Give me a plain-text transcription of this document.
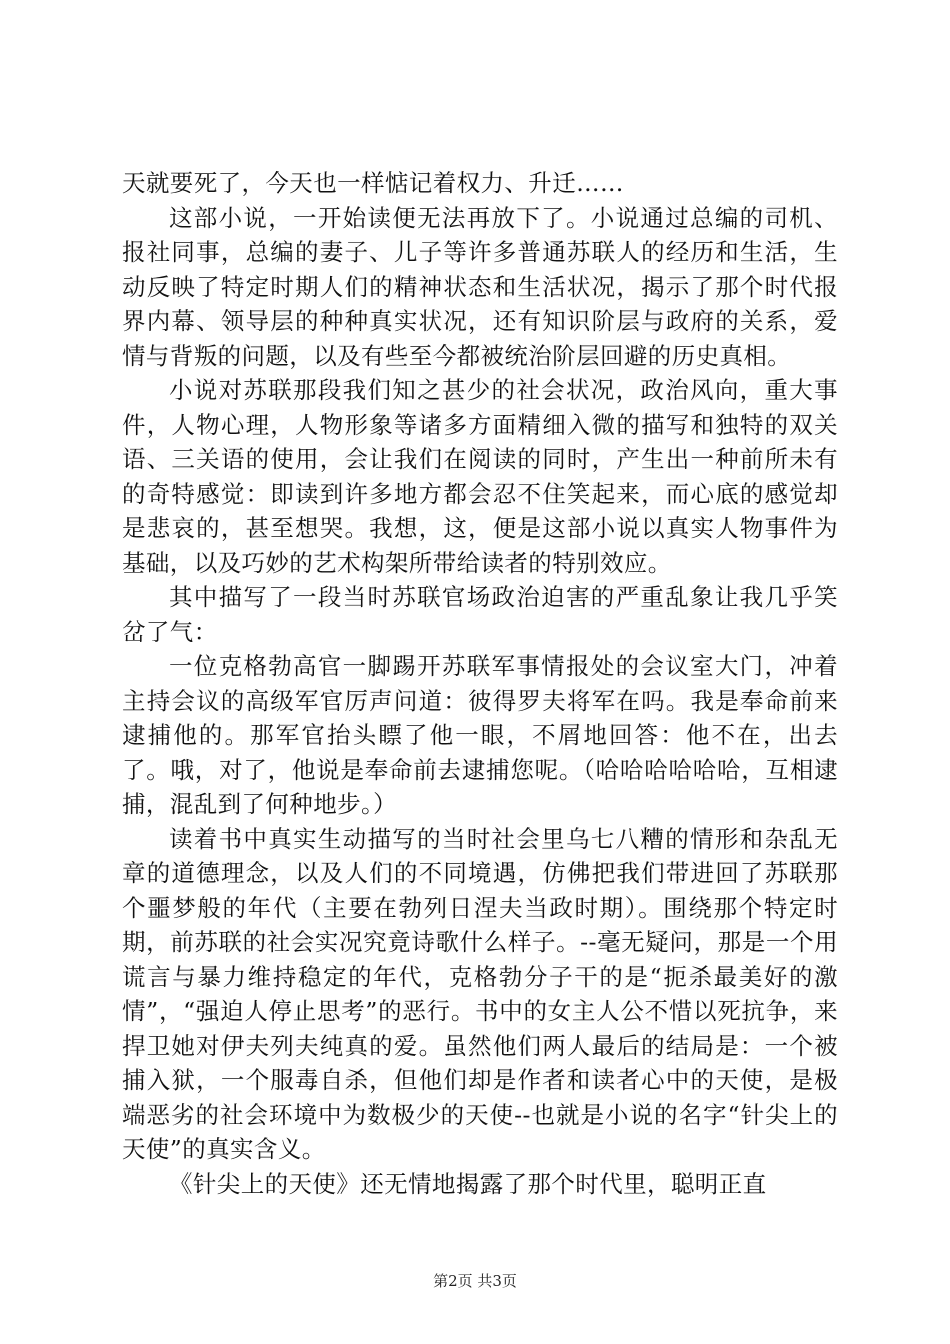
天就要死了，今天也一样惦记着权力、升迁……

这部小说，一开始读便无法再放下了。小说通过总编的司机、报社同事，总编的妻子、儿子等许多普通苏联人的经历和生活，生动反映了特定时期人们的精神状态和生活状况，揭示了那个时代报界内幕、领导层的种种真实状况，还有知识阶层与政府的关系，爱情与背叛的问题，以及有些至今都被统治阶层回避的历史真相。

小说对苏联那段我们知之甚少的社会状况，政治风向，重大事件，人物心理，人物形象等诸多方面精细入微的描写和独特的双关语、三关语的使用，会让我们在阅读的同时，产生出一种前所未有的奇特感觉：即读到许多地方都会忍不住笑起来，而心底的感觉却是悲哀的，甚至想哭。我想，这，便是这部小说以真实人物事件为基础，以及巧妙的艺术构架所带给读者的特别效应。

其中描写了一段当时苏联官场政治迫害的严重乱象让我几乎笑岔了气：

一位克格勃高官一脚踢开苏联军事情报处的会议室大门，冲着主持会议的高级军官厉声问道：彼得罗夫将军在吗。我是奉命前来逮捕他的。那军官抬头瞟了他一眼，不屑地回答：他不在，出去了。哦，对了，他说是奉命前去逮捕您呢。（哈哈哈哈哈哈，互相逮捕，混乱到了何种地步。）

读着书中真实生动描写的当时社会里乌七八糟的情形和杂乱无章的道德理念，以及人们的不同境遇，仿佛把我们带进回了苏联那个噩梦般的年代（主要在勃列日涅夫当政时期）。围绕那个特定时期，前苏联的社会实况究竟诗歌什么样子。--毫无疑问，那是一个用谎言与暴力维持稳定的年代，克格勃分子干的是“扼杀最美好的激情”，“强迫人停止思考”的恶行。书中的女主人公不惜以死抗争，来捍卫她对伊夫列夫纯真的爱。虽然他们两人最后的结局是：一个被捕入狱，一个服毒自杀，但他们却是作者和读者心中的天使，是极端恶劣的社会环境中为数极少的天使--也就是小说的名字“针尖上的天使”的真实含义。

《针尖上的天使》还无情地揭露了那个时代里，聪明正直

第2页 共3页
